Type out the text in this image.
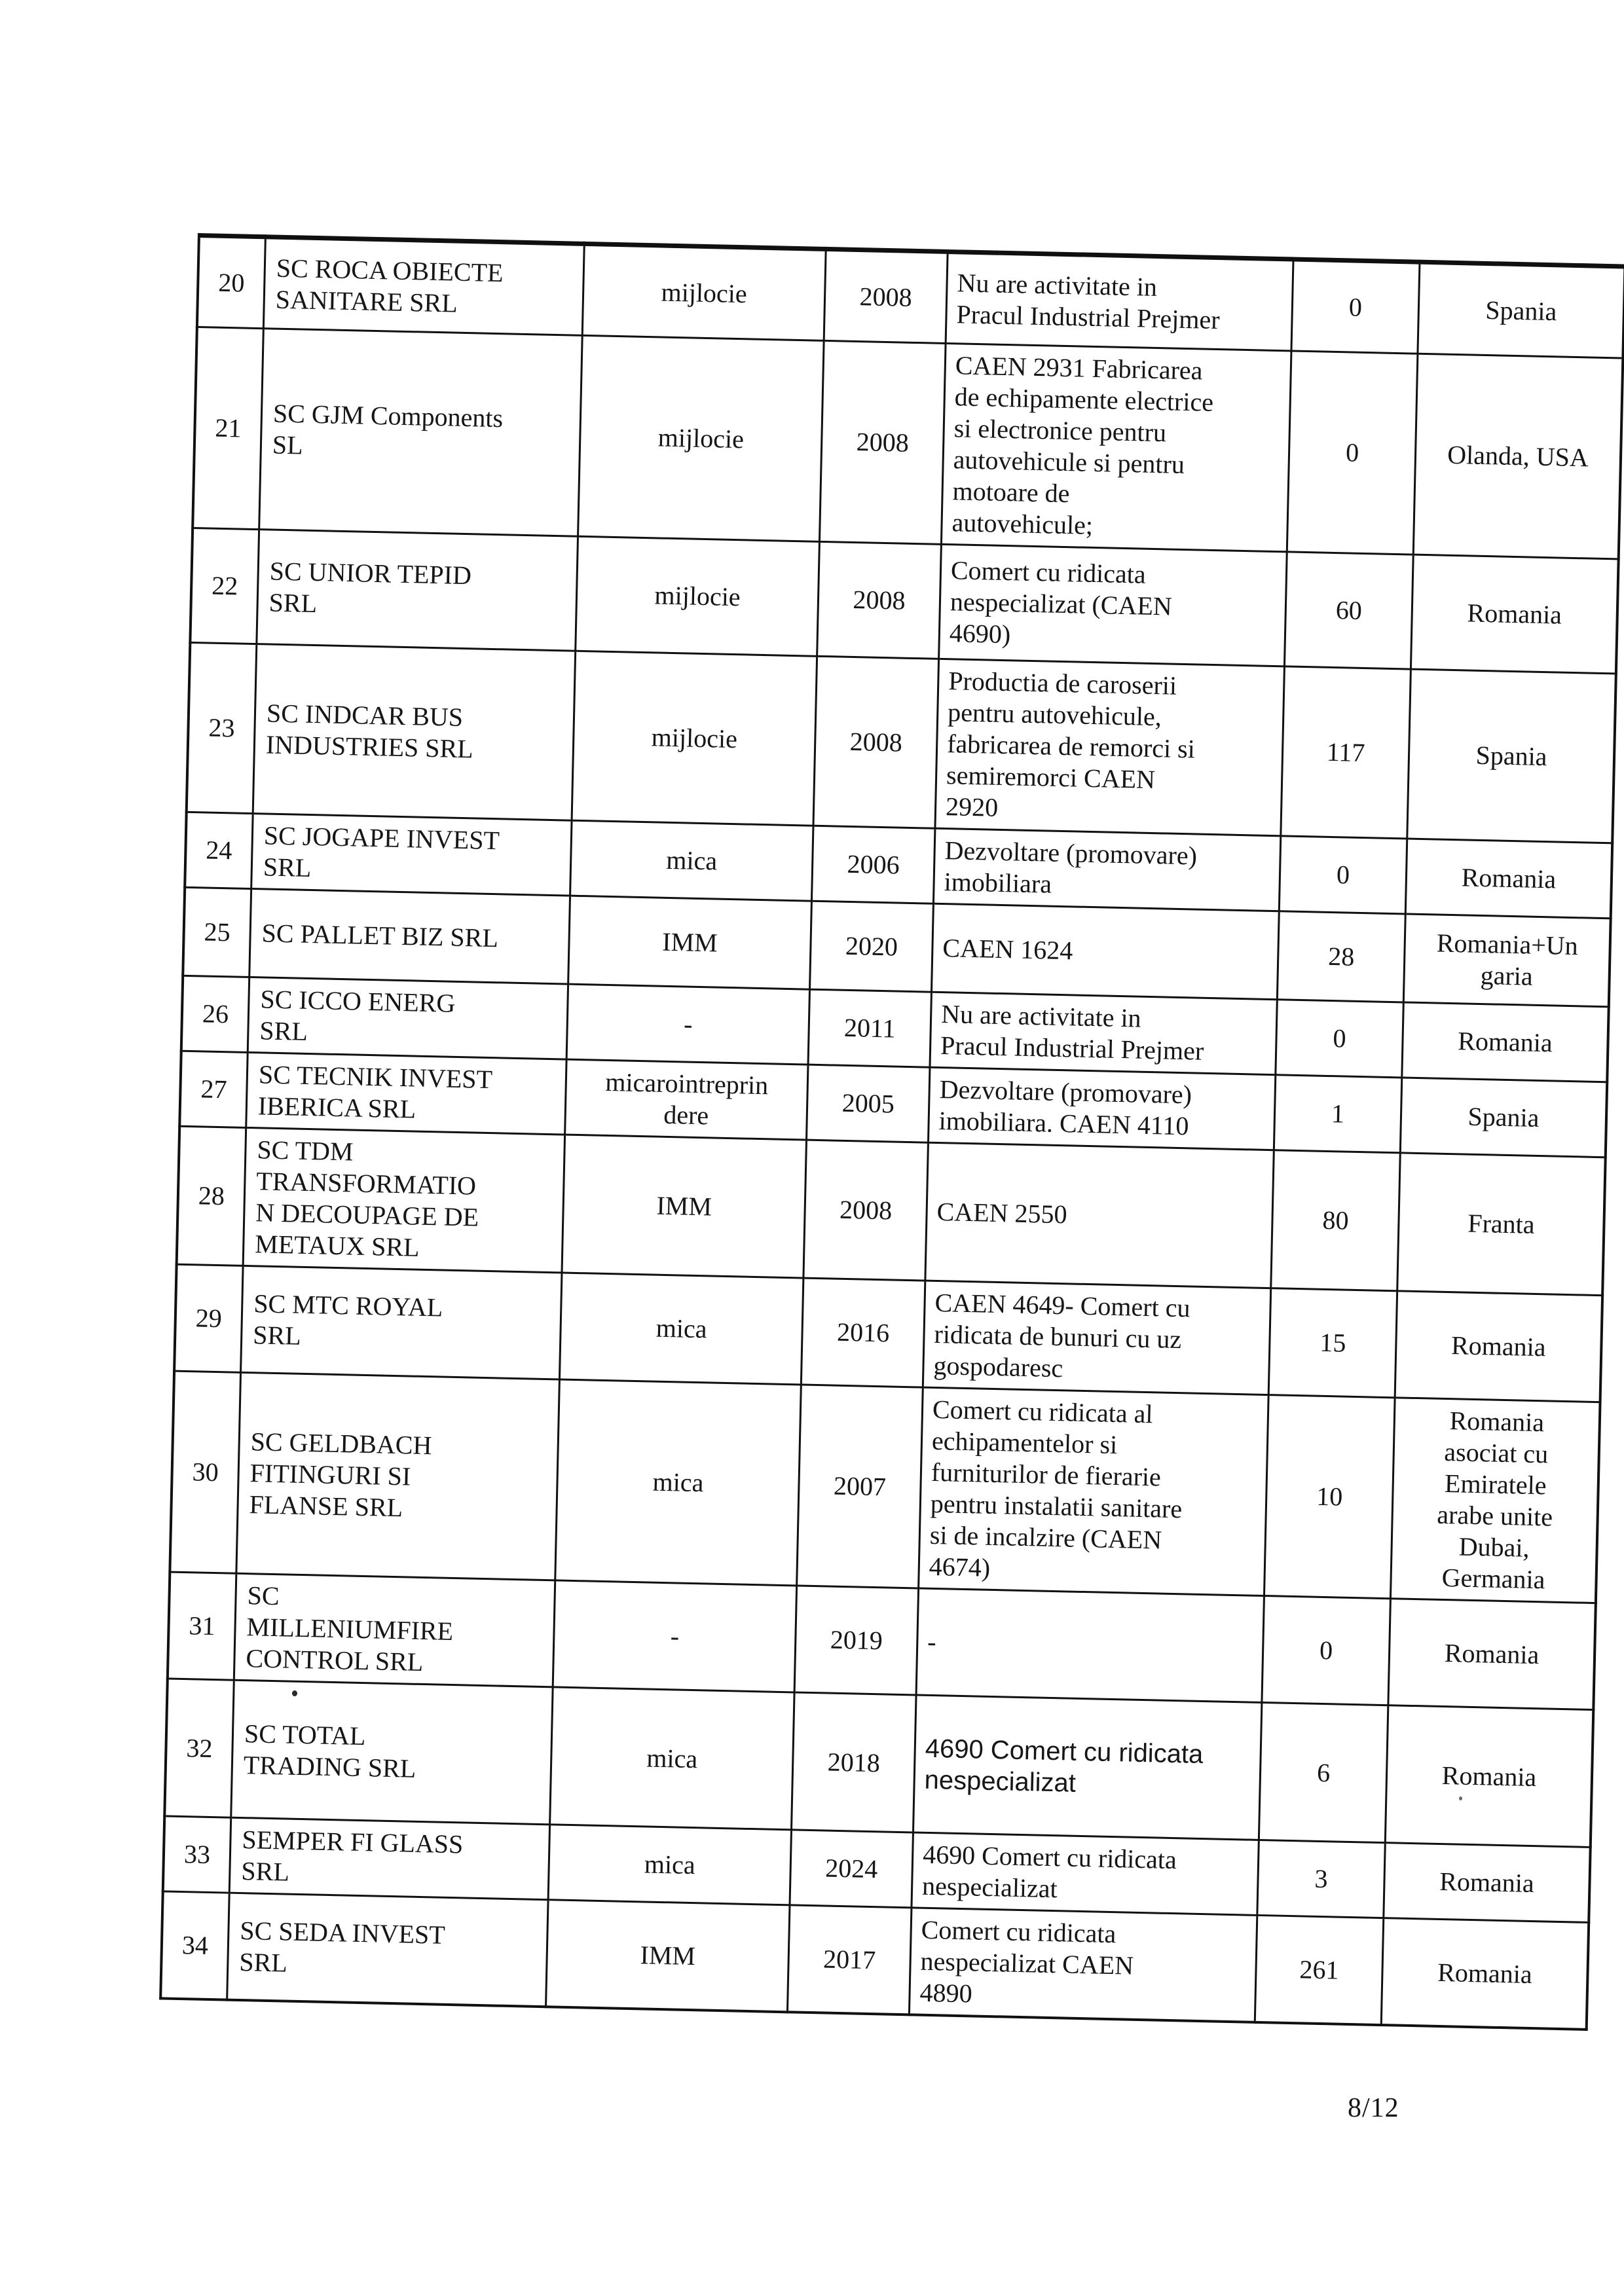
20	SC ROCA OBIECTE
SANITARE SRL	mijlocie	2008	Nu are activitate in
Pracul Industrial Prejmer	0	Spania
21	SC GJM Components
SL	mijlocie	2008	CAEN 2931 Fabricarea
de echipamente electrice
si electronice pentru
autovehicule si pentru
motoare de
autovehicule;	0	Olanda, USA
22	SC UNIOR TEPID
SRL	mijlocie	2008	Comert cu ridicata
nespecializat (CAEN
4690)	60	Romania
23	SC INDCAR BUS
INDUSTRIES SRL	mijlocie	2008	Productia de caroserii
pentru autovehicule,
fabricarea de remorci si
semiremorci CAEN
2920	117	Spania
24	SC JOGAPE INVEST
SRL	mica	2006	Dezvoltare (promovare)
imobiliara	0	Romania
25	SC PALLET BIZ SRL	IMM	2020	CAEN 1624	28	Romania+Un
garia
26	SC ICCO ENERG
SRL	-	2011	Nu are activitate in
Pracul Industrial Prejmer	0	Romania
27	SC TECNIK INVEST
IBERICA SRL	micarointreprin
dere	2005	Dezvoltare (promovare)
imobiliara. CAEN 4110	1	Spania
28	SC TDM
TRANSFORMATIO
N DECOUPAGE DE
METAUX SRL	IMM	2008	CAEN 2550	80	Franta
29	SC MTC ROYAL
SRL	mica	2016	CAEN 4649- Comert cu
ridicata de bunuri cu uz
gospodaresc	15	Romania
30	SC GELDBACH
FITINGURI SI
FLANSE SRL	mica	2007	Comert cu ridicata al
echipamentelor si
furniturilor de fierarie
pentru instalatii sanitare
si de incalzire (CAEN
4674)	10	Romania
asociat cu
Emiratele
arabe unite
Dubai,
Germania
31	SC
MILLENIUMFIRE
CONTROL SRL	-	2019	-	0	Romania
32	SC TOTAL
TRADING SRL	mica	2018	4690 Comert cu ridicata
nespecializat	6	Romania
33	SEMPER FI GLASS
SRL	mica	2024	4690 Comert cu ridicata
nespecializat	3	Romania
34	SC SEDA INVEST
SRL	IMM	2017	Comert cu ridicata
nespecializat CAEN
4890	261	Romania
8/12
